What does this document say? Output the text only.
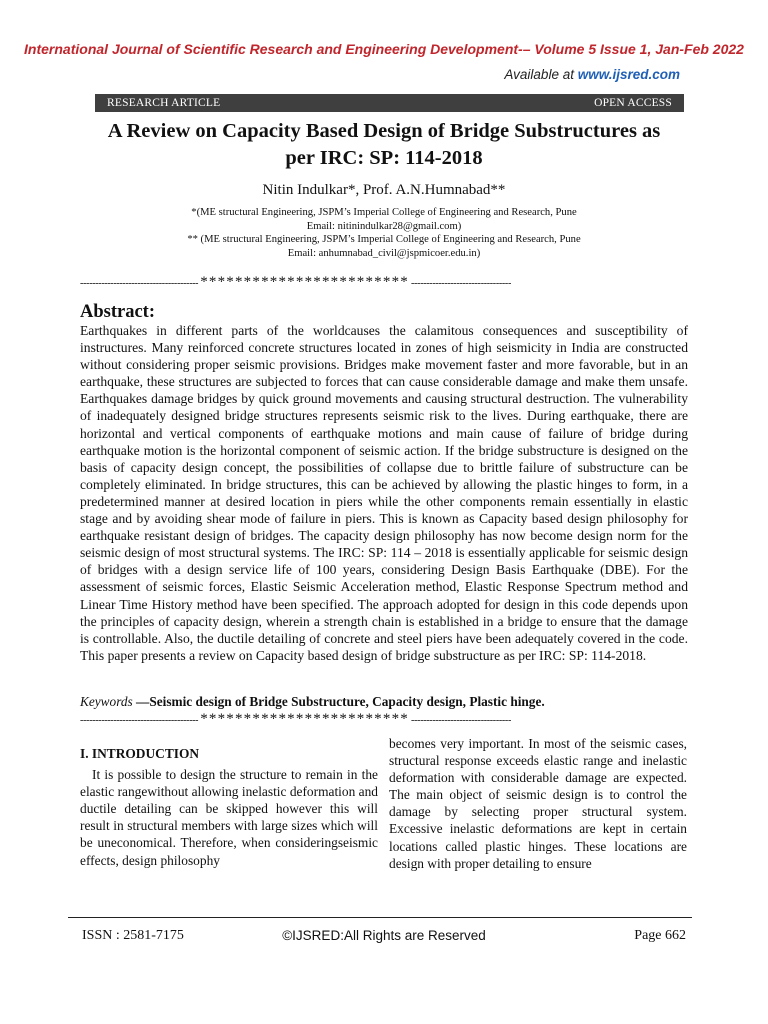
International Journal of Scientific Research and Engineering Development-– Volume 5 Issue 1, Jan-Feb 2022
Available at www.ijsred.com
RESEARCH ARTICLE	OPEN ACCESS
A Review on Capacity Based Design of Bridge Substructures as
per IRC: SP: 114-2018
Nitin Indulkar*, Prof. A.N.Humnabad**
*(ME structural Engineering, JSPM’s Imperial College of Engineering and Research, Pune
Email: nitinindulkar28@gmail.com)
** (ME structural Engineering, JSPM’s Imperial College of Engineering and Research, Pune
Email: anhumnabad_civil@jspmicoer.edu.in)
--------------------------------------- ************************ ---------------------------------
Abstract:

Earthquakes in different parts of the worldcauses the calamitous consequences and susceptibility of instructures. Many reinforced concrete structures located in zones of high seismicity in India are constructed without considering proper seismic provisions. Bridges make movement faster and more favorable, but in an earthquake, these structures are subjected to forces that can cause considerable damage and make them unsafe. Earthquakes damage bridges by quick ground movements and causing structural destruction. The vulnerability of inadequately designed bridge structures represents seismic risk to the lives. During earthquake, there are horizontal and vertical components of earthquake motions and main cause of failure of bridge during earthquake motion is the horizontal component of seismic action. If the bridge substructure is designed on the basis of capacity design concept, the possibilities of collapse due to brittle failure of substructure can be completely eliminated. In bridge structures, this can be achieved by allowing the plastic hinges to form, in a predetermined manner at desired location in piers while the other components remain essentially in elastic stage and by avoiding shear mode of failure in piers. This is known as Capacity based design philosophy for earthquake resistant design of bridges. The capacity design philosophy has now become design norm for the seismic design of most structural systems. The IRC: SP: 114 – 2018 is essentially applicable for seismic design of bridges with a design service life of 100 years, considering Design Basis Earthquake (DBE). For the assessment of seismic forces, Elastic Seismic Acceleration method, Elastic Response Spectrum method and Linear Time History method have been specified. The approach adopted for design in this code depends upon the principles of capacity design, wherein a strength chain is established in a bridge to ensure that the damage is controllable. Also, the ductile detailing of concrete and steel piers have been adequately covered in the code. This paper presents a review on Capacity based design of bridge substructure as per IRC: SP: 114-2018.

Keywords —Seismic design of Bridge Substructure, Capacity design, Plastic hinge.
--------------------------------------- ************************ ---------------------------------
I. INTRODUCTION

It is possible to design the structure to remain in the elastic rangewithout allowing inelastic deformation and ductile detailing can be skipped however this will result in structural members with large sizes which will be uneconomical. Therefore, when consideringseismic effects, design philosophy

becomes very important. In most of the seismic cases, structural response exceeds elastic range and inelastic deformation with considerable damage are expected. The main object of seismic design is to control the damage by selecting proper structural system. Excessive inelastic deformations are kept in certain locations called plastic hinges. These locations are design with proper detailing to ensure

ISSN : 2581-7175	©IJSRED:All Rights are Reserved	Page 662
